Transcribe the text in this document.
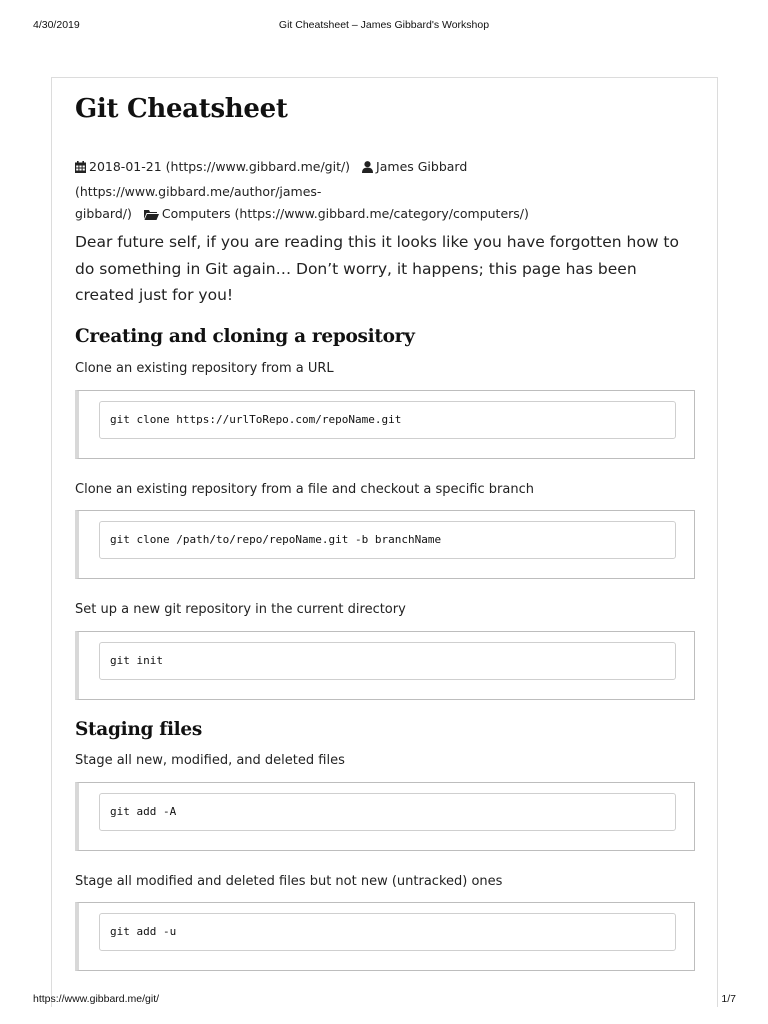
4/30/2019	Git Cheatsheet – James Gibbard's Workshop
Git Cheatsheet
2018-01-21 (https://www.gibbard.me/git/) James Gibbard (https://www.gibbard.me/author/james-
gibbard/) Computers (https://www.gibbard.me/category/computers/)

Dear future self, if you are reading this it looks like you have forgotten how to do something in Git again… Don’t worry, it happens; this page has been created just for you!

Creating and cloning a repository
Clone an existing repository from a URL
git clone https://urlToRepo.com/repoName.git
Clone an existing repository from a file and checkout a specific branch
git clone /path/to/repo/repoName.git -b branchName
Set up a new git repository in the current directory
git init
Staging files
Stage all new, modified, and deleted files
git add -A
Stage all modified and deleted files but not new (untracked) ones
git add -u
https://www.gibbard.me/git/	1/7
